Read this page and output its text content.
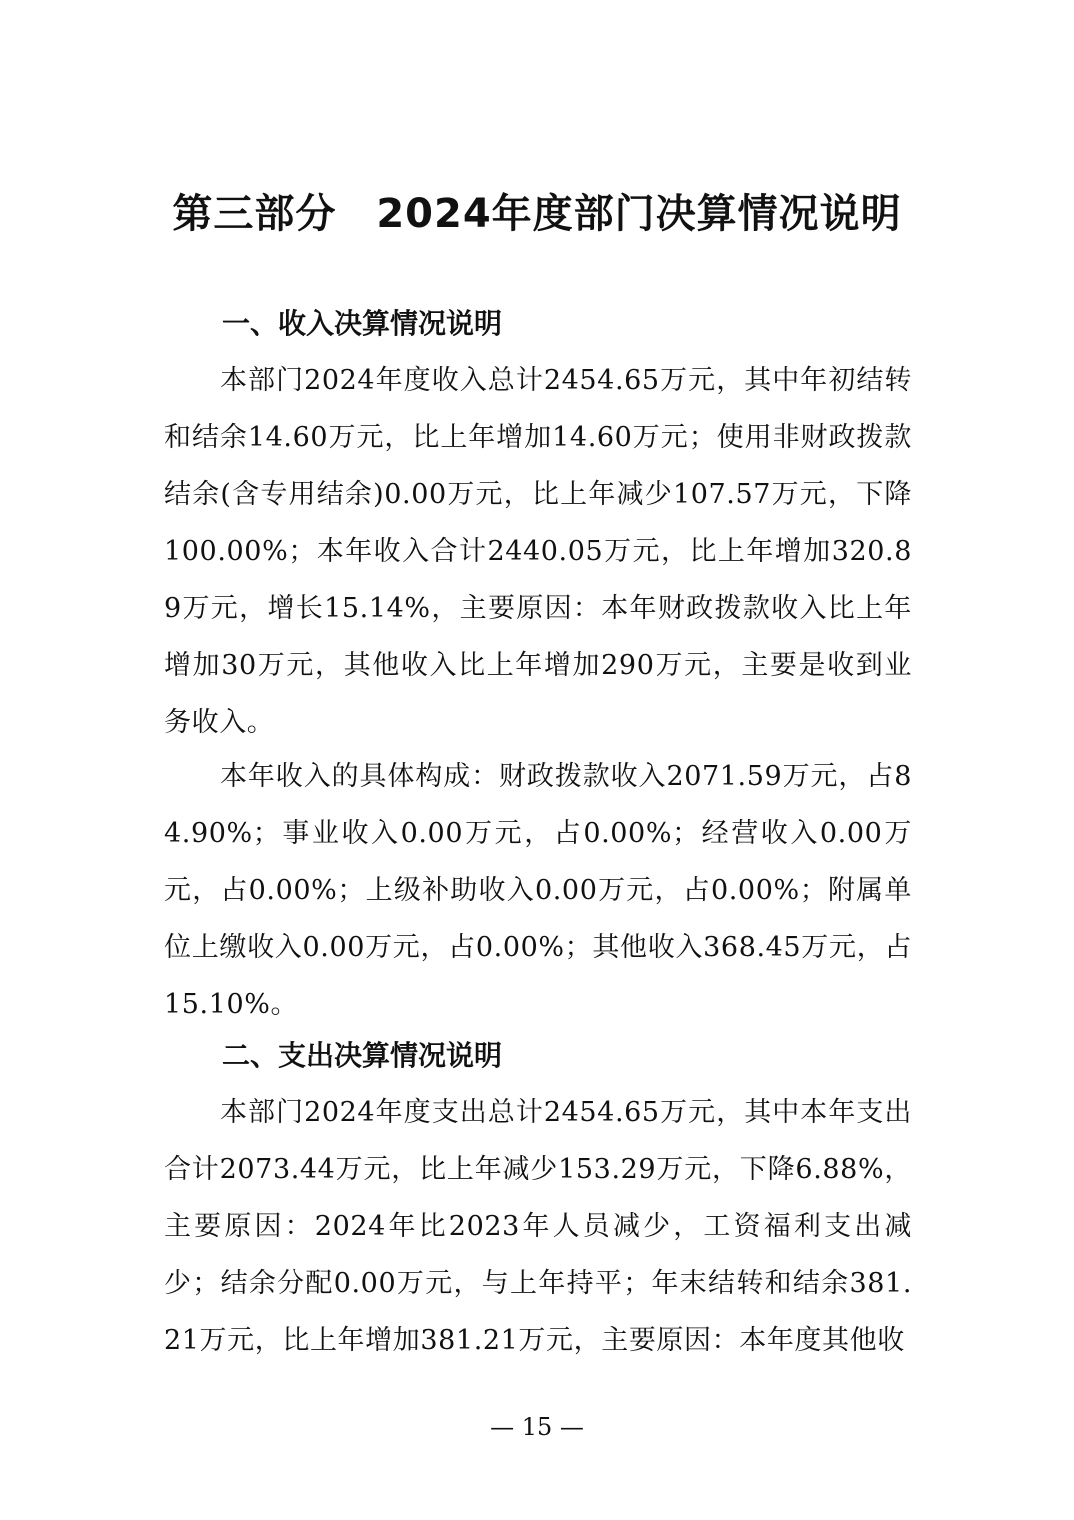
第三部分 2024年度部门决算情况说明
一、收入决算情况说明
本部门2024年度收入总计2454.65万元，其中年初结转和结余14.60万元，比上年增加14.60万元；使用非财政拨款结余(含专用结余)0.00万元，比上年减少107.57万元，下降100.00%；本年收入合计2440.05万元，比上年增加320.89万元，增长15.14%，主要原因：本年财政拨款收入比上年增加30万元，其他收入比上年增加290万元，主要是收到业务收入。
本年收入的具体构成：财政拨款收入2071.59万元，占84.90%；事业收入0.00万元，占0.00%；经营收入0.00万元，占0.00%；上级补助收入0.00万元，占0.00%；附属单位上缴收入0.00万元，占0.00%；其他收入368.45万元，占15.10%。
二、支出决算情况说明
本部门2024年度支出总计2454.65万元，其中本年支出合计2073.44万元，比上年减少153.29万元，下降6.88%，主要原因：2024年比2023年人员减少，工资福利支出减少；结余分配0.00万元，与上年持平；年末结转和结余381.21万元，比上年增加381.21万元，主要原因：本年度其他收
— 15 —
